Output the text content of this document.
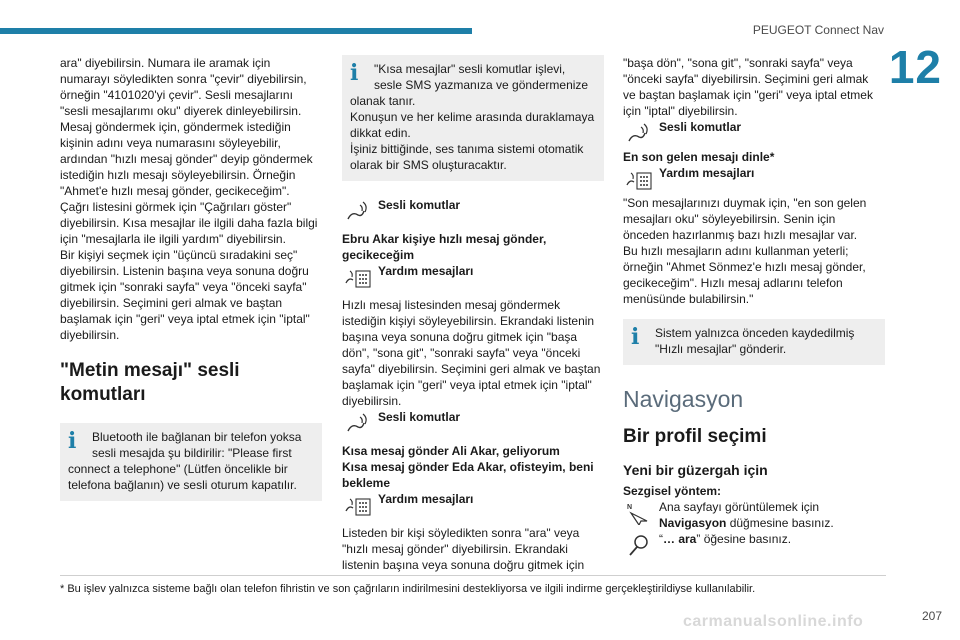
PEUGEOT Connect Nav
12
ara" diyebilirsin. Numara ile aramak için
numarayı söyledikten sonra "çevir" diyebilirsin,
örneğin "4101020'yi çevir". Sesli mesajlarını
"sesli mesajlarımı oku" diyerek dinleyebilirsin.
Mesaj göndermek için, göndermek istediğin
kişinin adını veya numarasını söyleyebilir,
ardından "hızlı mesaj gönder" deyip göndermek
istediğin hızlı mesajı söyleyebilirsin. Örneğin
"Ahmet'e hızlı mesaj gönder, gecikeceğim".
Çağrı listesini görmek için "Çağrıları göster"
diyebilirsin. Kısa mesajlar ile ilgili daha fazla bilgi
için "mesajlarla ile ilgili yardım" diyebilirsin.
Bir kişiyi seçmek için "üçüncü sıradakini seç"
diyebilirsin. Listenin başına veya sonuna doğru
gitmek için "sonraki sayfa" veya "önceki sayfa"
diyebilirsin. Seçimini geri almak ve baştan
başlamak için "geri" veya iptal etmek için "iptal"
diyebilirsin.
"Metin mesajı" sesli
komutları
i	Bluetooth ile bağlanan bir telefon yoksa
sesli mesajda şu bildirilir: "Please first
connect a telephone" (Lütfen öncelikle bir
telefona bağlanın) ve sesli oturum kapatılır.
i	"Kısa mesajlar" sesli komutlar işlevi,
sesle SMS yazmanıza ve göndermenize
olanak tanır.
Konuşun ve her kelime arasında duraklamaya
dikkat edin.
İşiniz bittiğinde, ses tanıma sistemi otomatik
olarak bir SMS oluşturacaktır.
Sesli komutlar
Ebru Akar kişiye hızlı mesaj gönder,
gecikeceğim
Yardım mesajları
Hızlı mesaj listesinden mesaj göndermek
istediğin kişiyi söyleyebilirsin. Ekrandaki listenin
başına veya sonuna doğru gitmek için "başa
dön", "sona git", "sonraki sayfa" veya "önceki
sayfa" diyebilirsin. Seçimini geri almak ve baştan
başlamak için "geri" veya iptal etmek için "iptal"
diyebilirsin.
Sesli komutlar
Kısa mesaj gönder Ali Akar, geliyorum
Kısa mesaj gönder Eda Akar, ofisteyim, beni
bekleme
Yardım mesajları
Listeden bir kişi söyledikten sonra "ara" veya
"hızlı mesaj gönder" diyebilirsin. Ekrandaki
listenin başına veya sonuna doğru gitmek için
"başa dön", "sona git", "sonraki sayfa" veya
"önceki sayfa" diyebilirsin. Seçimini geri almak
ve baştan başlamak için "geri" veya iptal etmek
için "iptal" diyebilirsin.
Sesli komutlar
En son gelen mesajı dinle*
Yardım mesajları
"Son mesajlarınızı duymak için, "en son gelen
mesajları oku" söyleyebilirsin. Senin için
önceden hazırlanmış bazı hızlı mesajlar var.
Bu hızlı mesajların adını kullanman yeterli;
örneğin "Ahmet Sönmez'e hızlı mesaj gönder,
gecikeceğim". Hızlı mesaj adlarını telefon
menüsünde bulabilirsin."
i	Sistem yalnızca önceden kaydedilmiş
"Hızlı mesajlar" gönderir.
Navigasyon
Bir profil seçimi
Yeni bir güzergah için
Sezgisel yöntem:
N Ana sayfayı görüntülemek için
Navigasyon düğmesine basınız.
“… ara” öğesine basınız.
* Bu işlev yalnızca sisteme bağlı olan telefon fihristin ve son çağrıların indirilmesini destekliyorsa ve ilgili indirme gerçekleştirildiyse kullanılabilir.
207
carmanualsonline.info
